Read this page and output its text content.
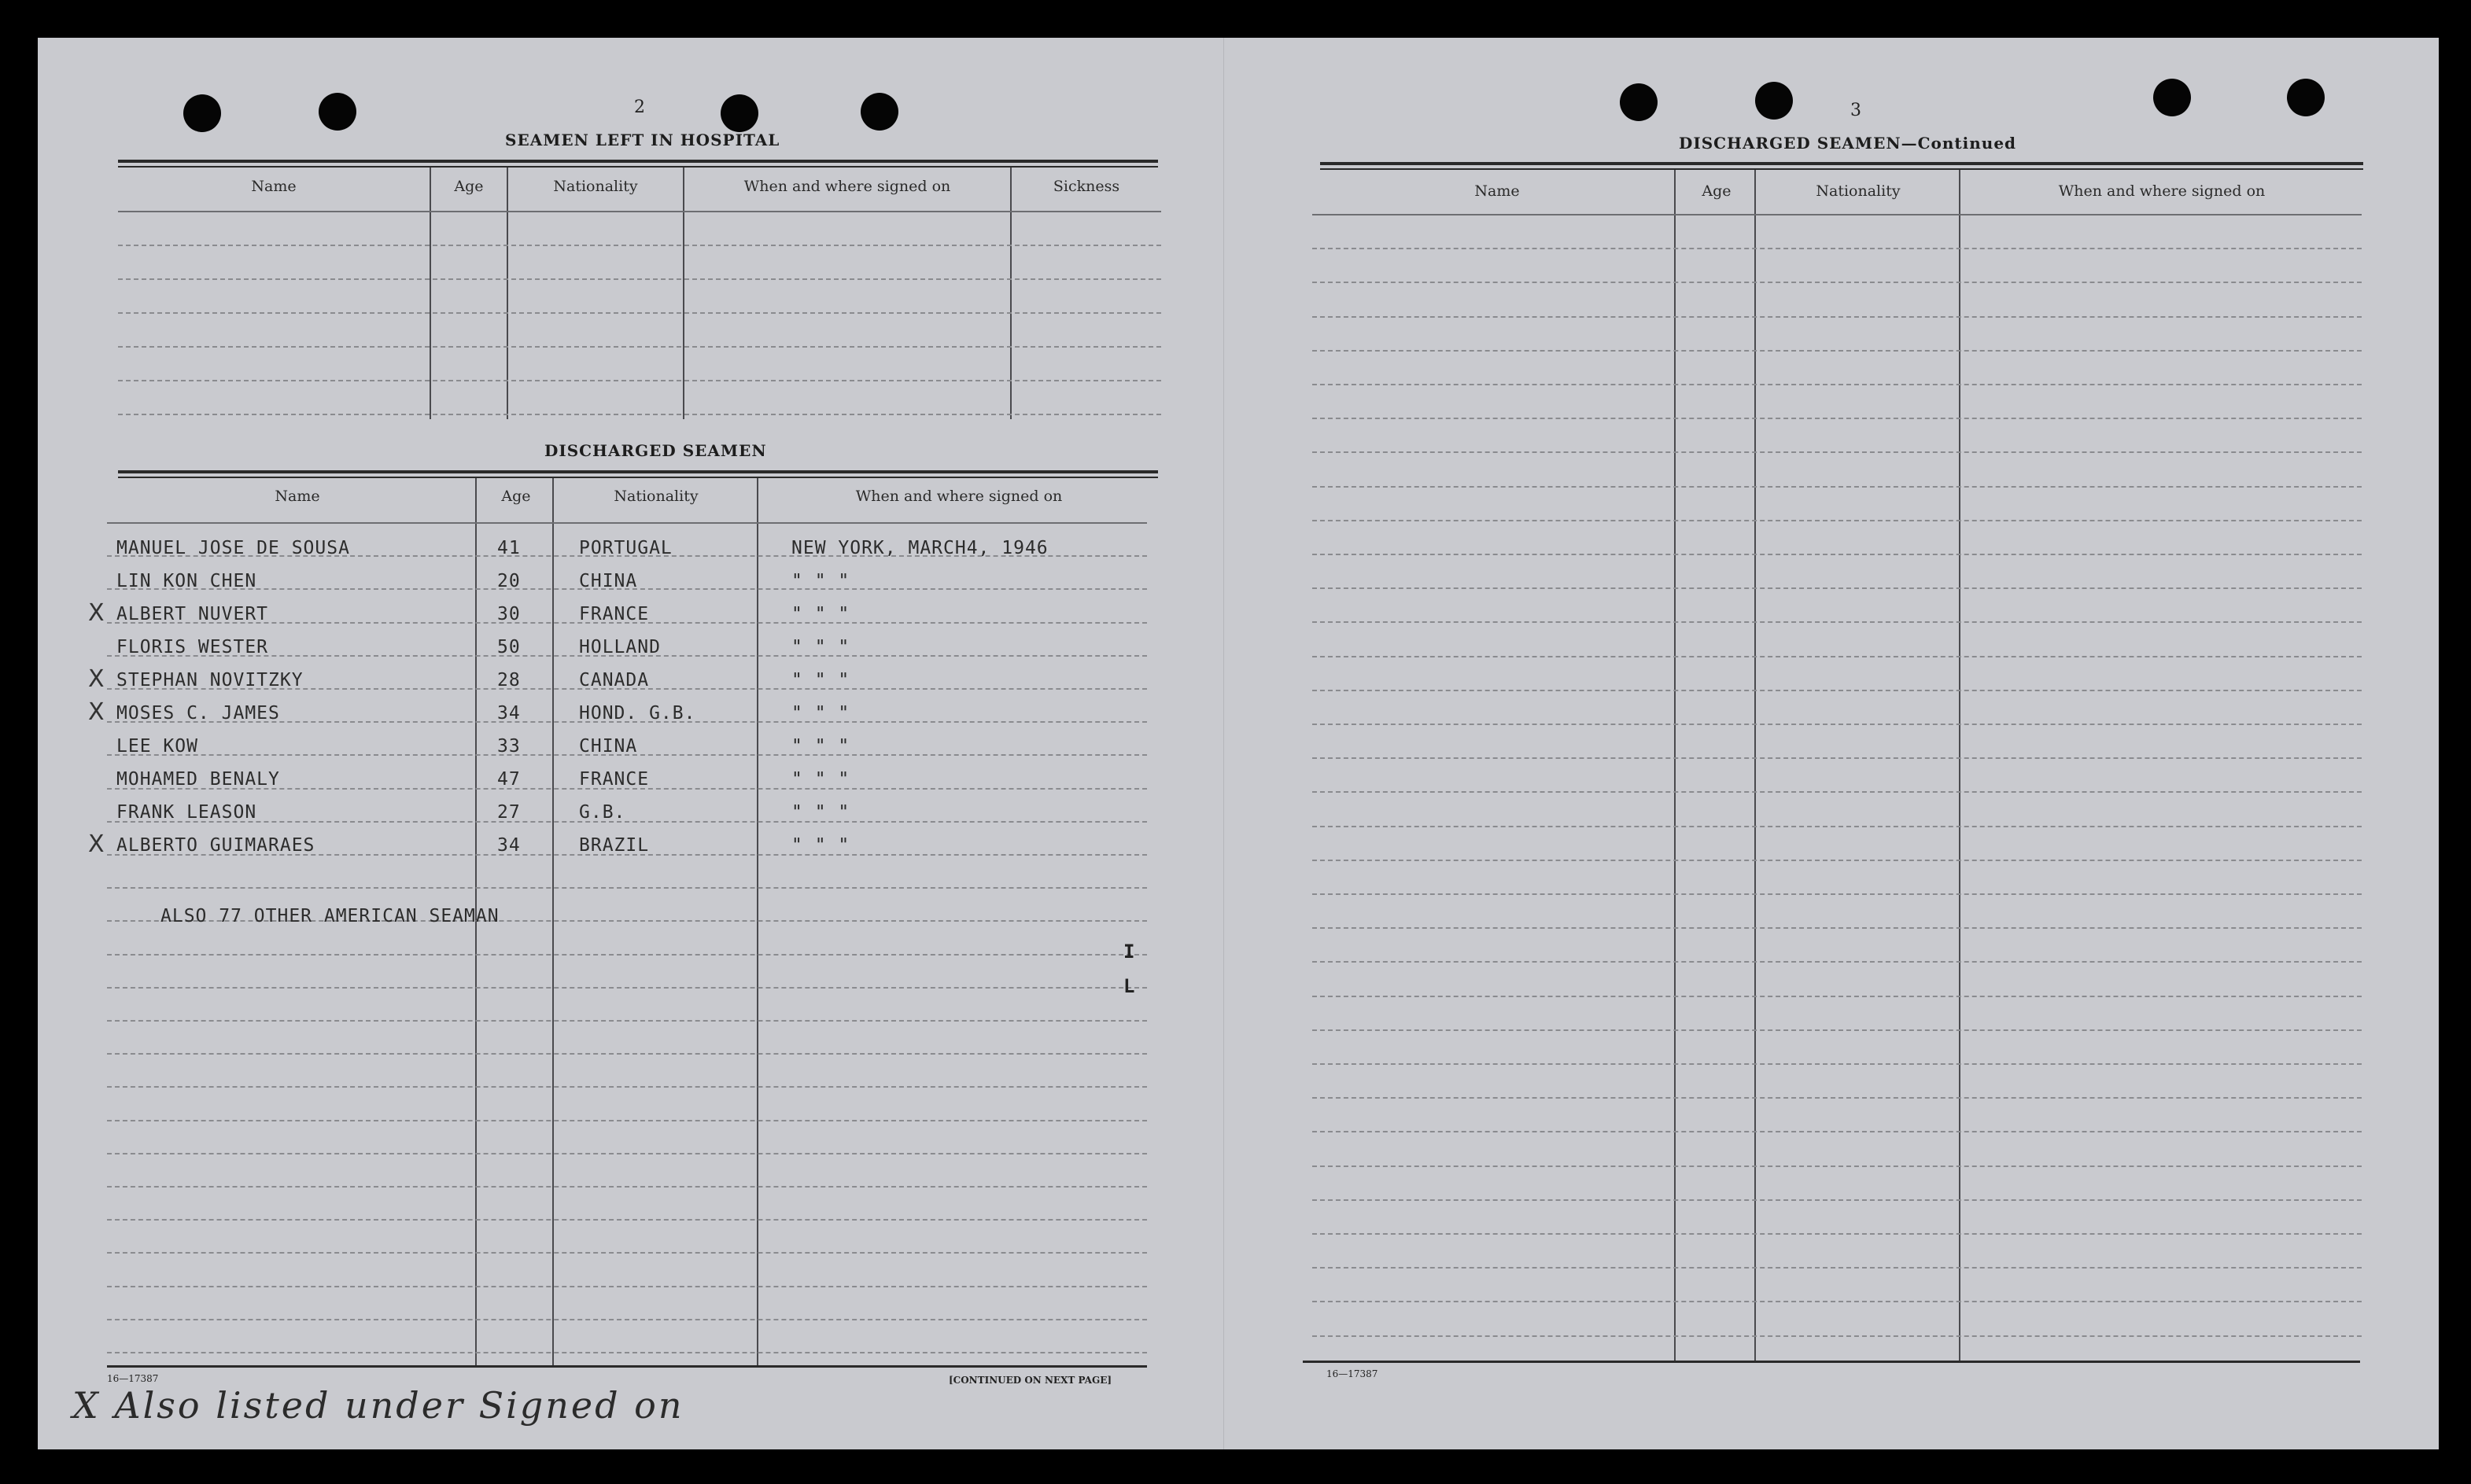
2
SEAMEN LEFT IN HOSPITAL
Name	Age	Nationality	When and where signed on	Sickness
DISCHARGED SEAMEN
Name	Age	Nationality	When and where signed on
MANUEL JOSE DE SOUSA	41	PORTUGAL	NEW YORK, MARCH4, 1946
LIN KON CHEN	20	CHINA	" " "
X ALBERT NUVERT	30	FRANCE	" " "
FLORIS WESTER	50	HOLLAND	" " "
X STEPHAN NOVITZKY	28	CANADA	" " "
X MOSES C. JAMES	34	HOND. G.B.	" " "
LEE KOW	33	CHINA	" " "
MOHAMED BENALY	47	FRANCE	" " "
FRANK LEASON	27	G.B.	" " "
X ALBERTO GUIMARAES	34	BRAZIL	" " "
ALSO 77 OTHER AMERICAN SEAMAN
I
L
16—17387	[CONTINUED ON NEXT PAGE]
X Also listed under Signed on
3
DISCHARGED SEAMEN—Continued
Name	Age	Nationality	When and where signed on
16—17387
